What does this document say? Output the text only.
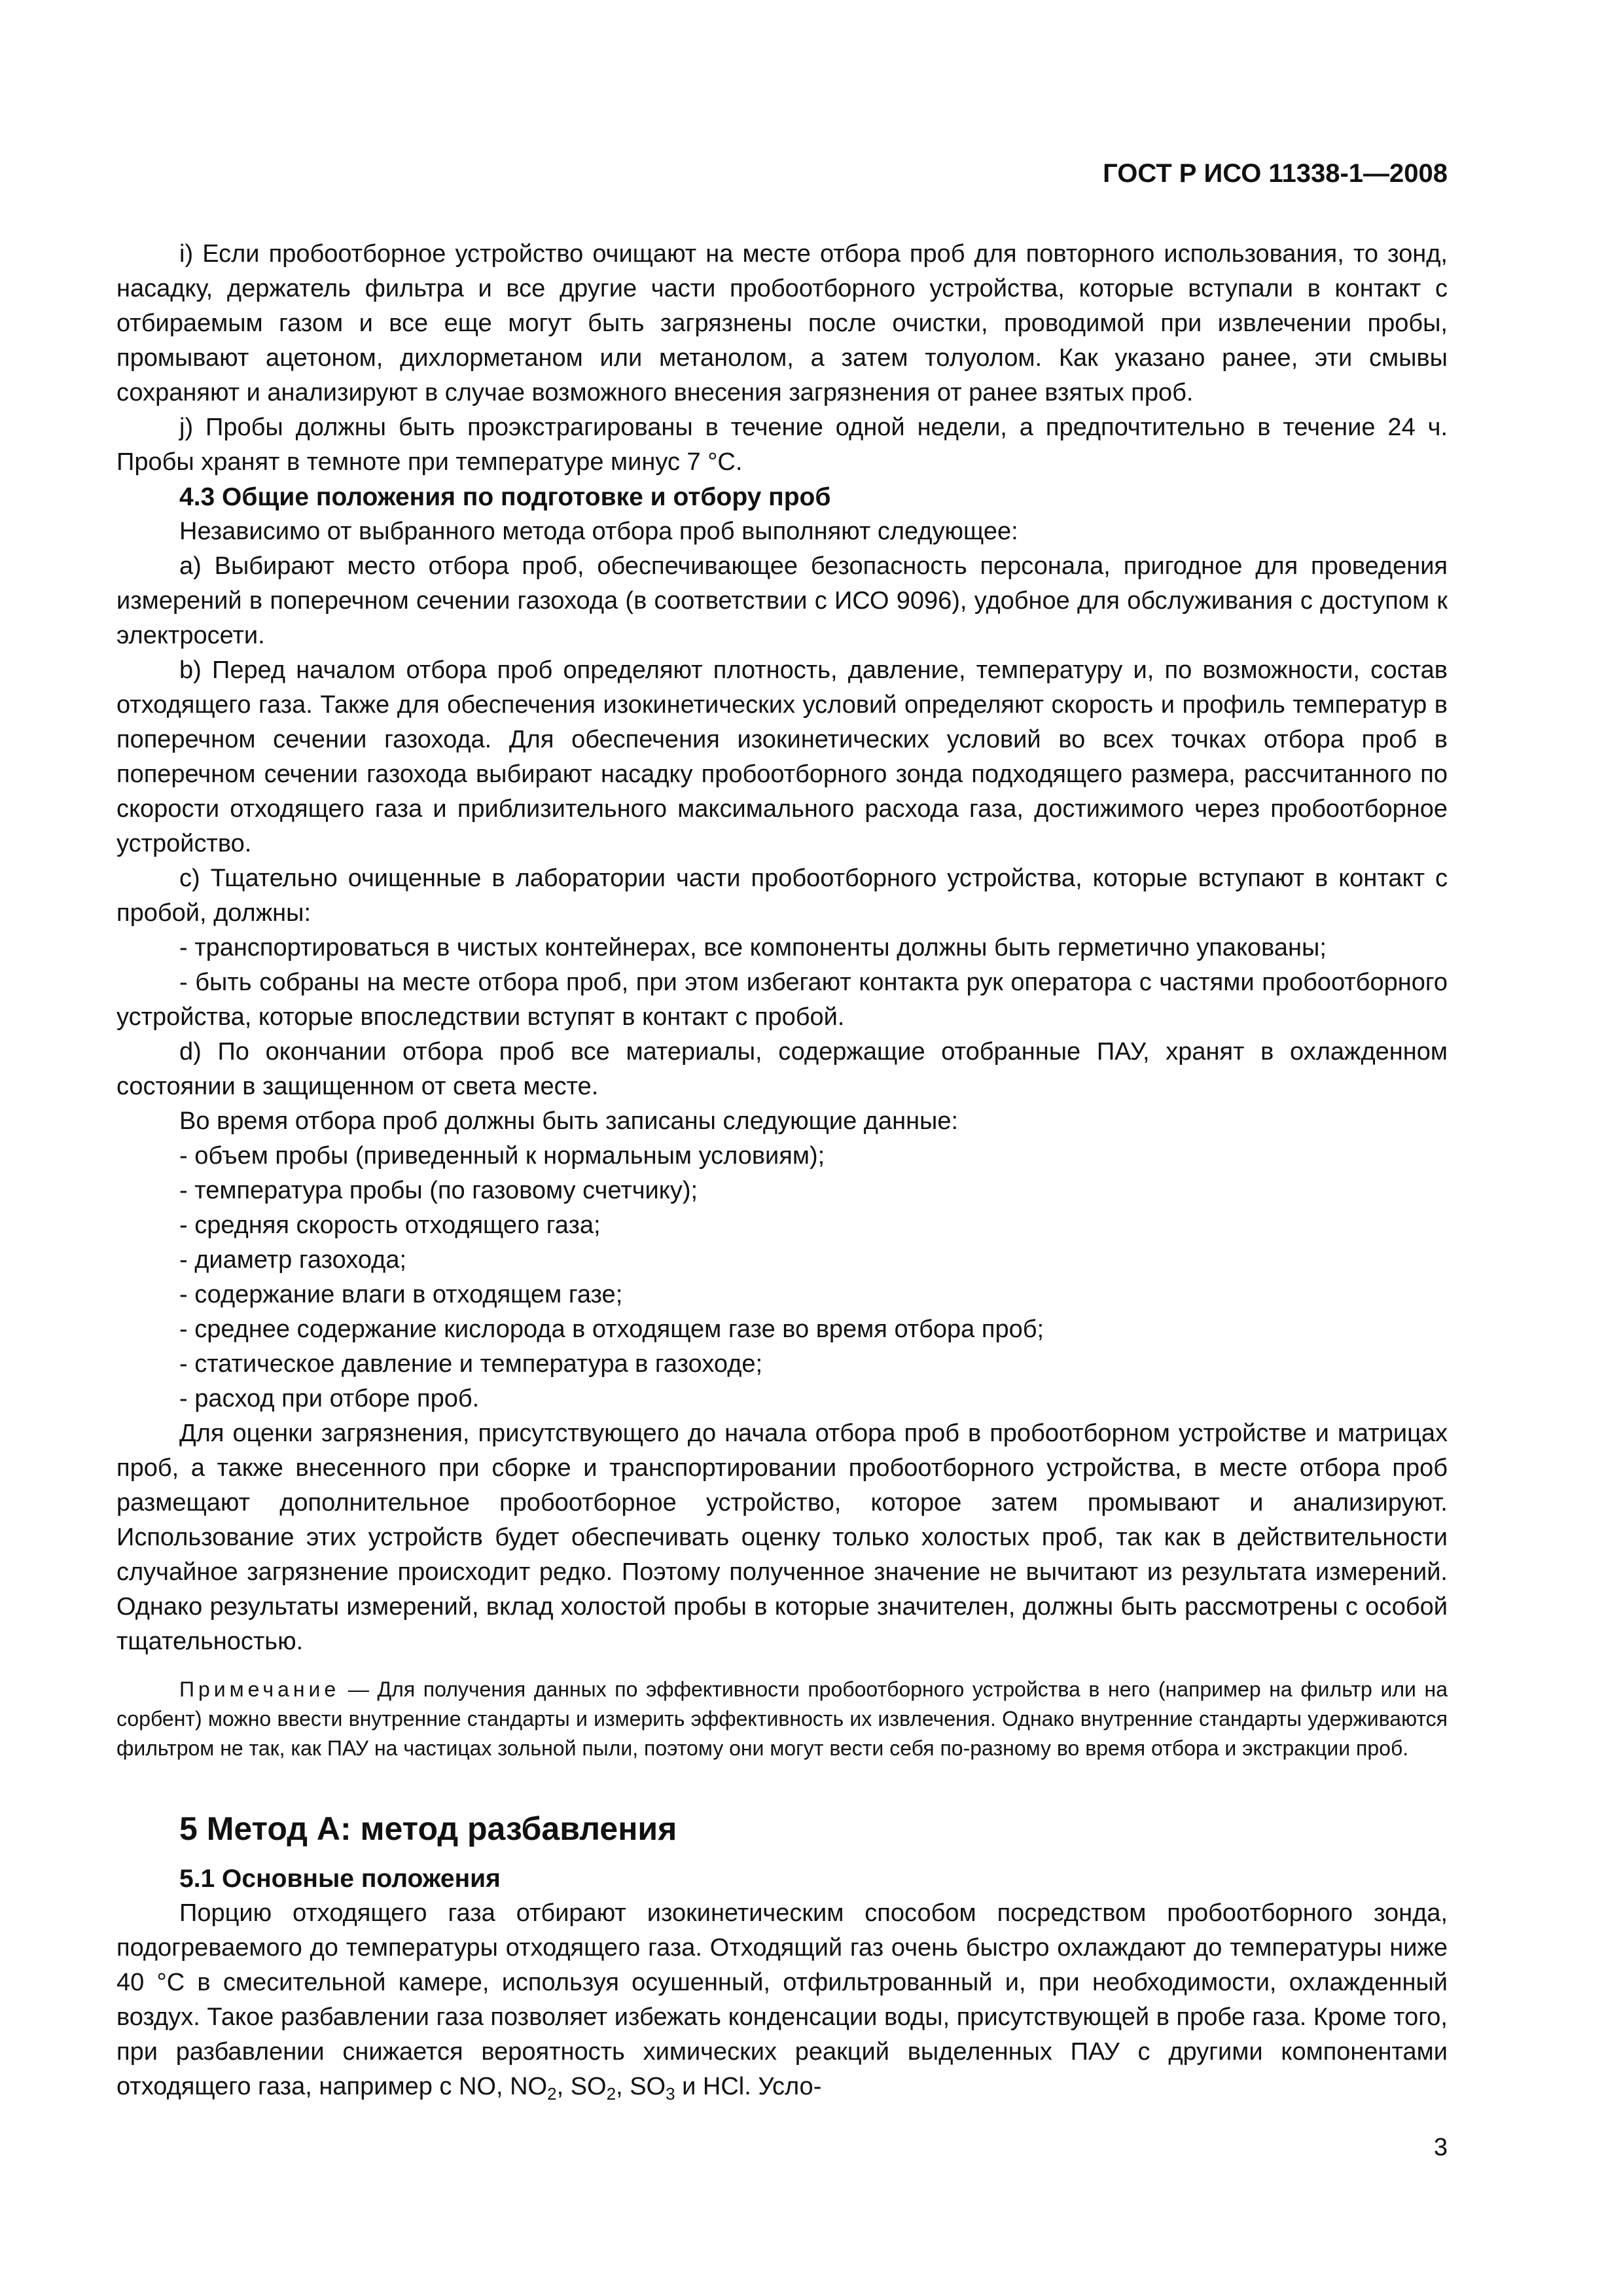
ГОСТ Р ИСО 11338-1—2008

i) Если пробоотборное устройство очищают на месте отбора проб для повторного использования, то зонд, насадку, держатель фильтра и все другие части пробоотборного устройства, которые вступали в контакт с отбираемым газом и все еще могут быть загрязнены после очистки, проводимой при извлечении пробы, промывают ацетоном, дихлорметаном или метанолом, а затем толуолом. Как указано ранее, эти смывы сохраняют и анализируют в случае возможного внесения загрязнения от ранее взятых проб.

j) Пробы должны быть проэкстрагированы в течение одной недели, а предпочтительно в течение 24 ч. Пробы хранят в темноте при температуре минус 7 °С.

4.3 Общие положения по подготовке и отбору проб

Независимо от выбранного метода отбора проб выполняют следующее:

a) Выбирают место отбора проб, обеспечивающее безопасность персонала, пригодное для проведения измерений в поперечном сечении газохода (в соответствии с ИСО 9096), удобное для обслуживания с доступом к электросети.

b) Перед началом отбора проб определяют плотность, давление, температуру и, по возможности, состав отходящего газа. Также для обеспечения изокинетических условий определяют скорость и профиль температур в поперечном сечении газохода. Для обеспечения изокинетических условий во всех точках отбора проб в поперечном сечении газохода выбирают насадку пробоотборного зонда подходящего размера, рассчитанного по скорости отходящего газа и приблизительного максимального расхода газа, достижимого через пробоотборное устройство.

c) Тщательно очищенные в лаборатории части пробоотборного устройства, которые вступают в контакт с пробой, должны:

- транспортироваться в чистых контейнерах, все компоненты должны быть герметично упакованы;

- быть собраны на месте отбора проб, при этом избегают контакта рук оператора с частями пробоотборного устройства, которые впоследствии вступят в контакт с пробой.

d) По окончании отбора проб все материалы, содержащие отобранные ПАУ, хранят в охлажденном состоянии в защищенном от света месте.

Во время отбора проб должны быть записаны следующие данные:

- объем пробы (приведенный к нормальным условиям);

- температура пробы (по газовому счетчику);

- средняя скорость отходящего газа;

- диаметр газохода;

- содержание влаги в отходящем газе;

- среднее содержание кислорода в отходящем газе во время отбора проб;

- статическое давление и температура в газоходе;

- расход при отборе проб.

Для оценки загрязнения, присутствующего до начала отбора проб в пробоотборном устройстве и матрицах проб, а также внесенного при сборке и транспортировании пробоотборного устройства, в месте отбора проб размещают дополнительное пробоотборное устройство, которое затем промывают и анализируют. Использование этих устройств будет обеспечивать оценку только холостых проб, так как в действительности случайное загрязнение происходит редко. Поэтому полученное значение не вычитают из результата измерений. Однако результаты измерений, вклад холостой пробы в которые значителен, должны быть рассмотрены с особой тщательностью.

Примечание — Для получения данных по эффективности пробоотборного устройства в него (например на фильтр или на сорбент) можно ввести внутренние стандарты и измерить эффективность их извлечения. Однако внутренние стандарты удерживаются фильтром не так, как ПАУ на частицах зольной пыли, поэтому они могут вести себя по-разному во время отбора и экстракции проб.

5 Метод А: метод разбавления

5.1 Основные положения

Порцию отходящего газа отбирают изокинетическим способом посредством пробоотборного зонда, подогреваемого до температуры отходящего газа. Отходящий газ очень быстро охлаждают до температуры ниже 40 °С в смесительной камере, используя осушенный, отфильтрованный и, при необходимости, охлажденный воздух. Такое разбавлении газа позволяет избежать конденсации воды, присутствующей в пробе газа. Кроме того, при разбавлении снижается вероятность химических реакций выделенных ПАУ с другими компонентами отходящего газа, например с NO, $NO_2$, $SO_2$, $SO_3$ и HCl. Усло-

3
